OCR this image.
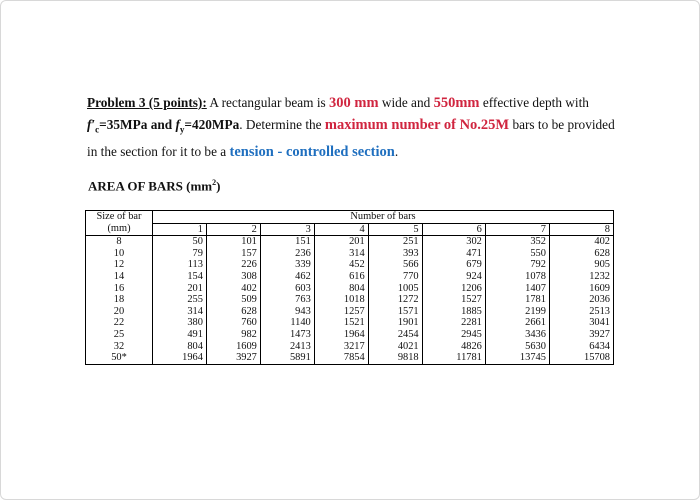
Problem 3 (5 points): A rectangular beam is 300 mm wide and 550mm effective depth with
$f'_c=35MPa$ and $f_y=420MPa$. Determine the maximum number of No.25M bars to be provided in the section for it to be a tension - controlled section.
AREA OF BARS $(mm^2)$
Size of bar	Number of bars							
(mm)	1	2	3	4	5	6	7	8
8	50	101	151	201	251	302	352	402
10	79	157	236	314	393	471	550	628
12	113	226	339	452	566	679	792	905
14	154	308	462	616	770	924	1078	1232
16	201	402	603	804	1005	1206	1407	1609
18	255	509	763	1018	1272	1527	1781	2036
20	314	628	943	1257	1571	1885	2199	2513
22	380	760	1140	1521	1901	2281	2661	3041
25	491	982	1473	1964	2454	2945	3436	3927
32	804	1609	2413	3217	4021	4826	5630	6434
50*	1964	3927	5891	7854	9818	11781	13745	15708
